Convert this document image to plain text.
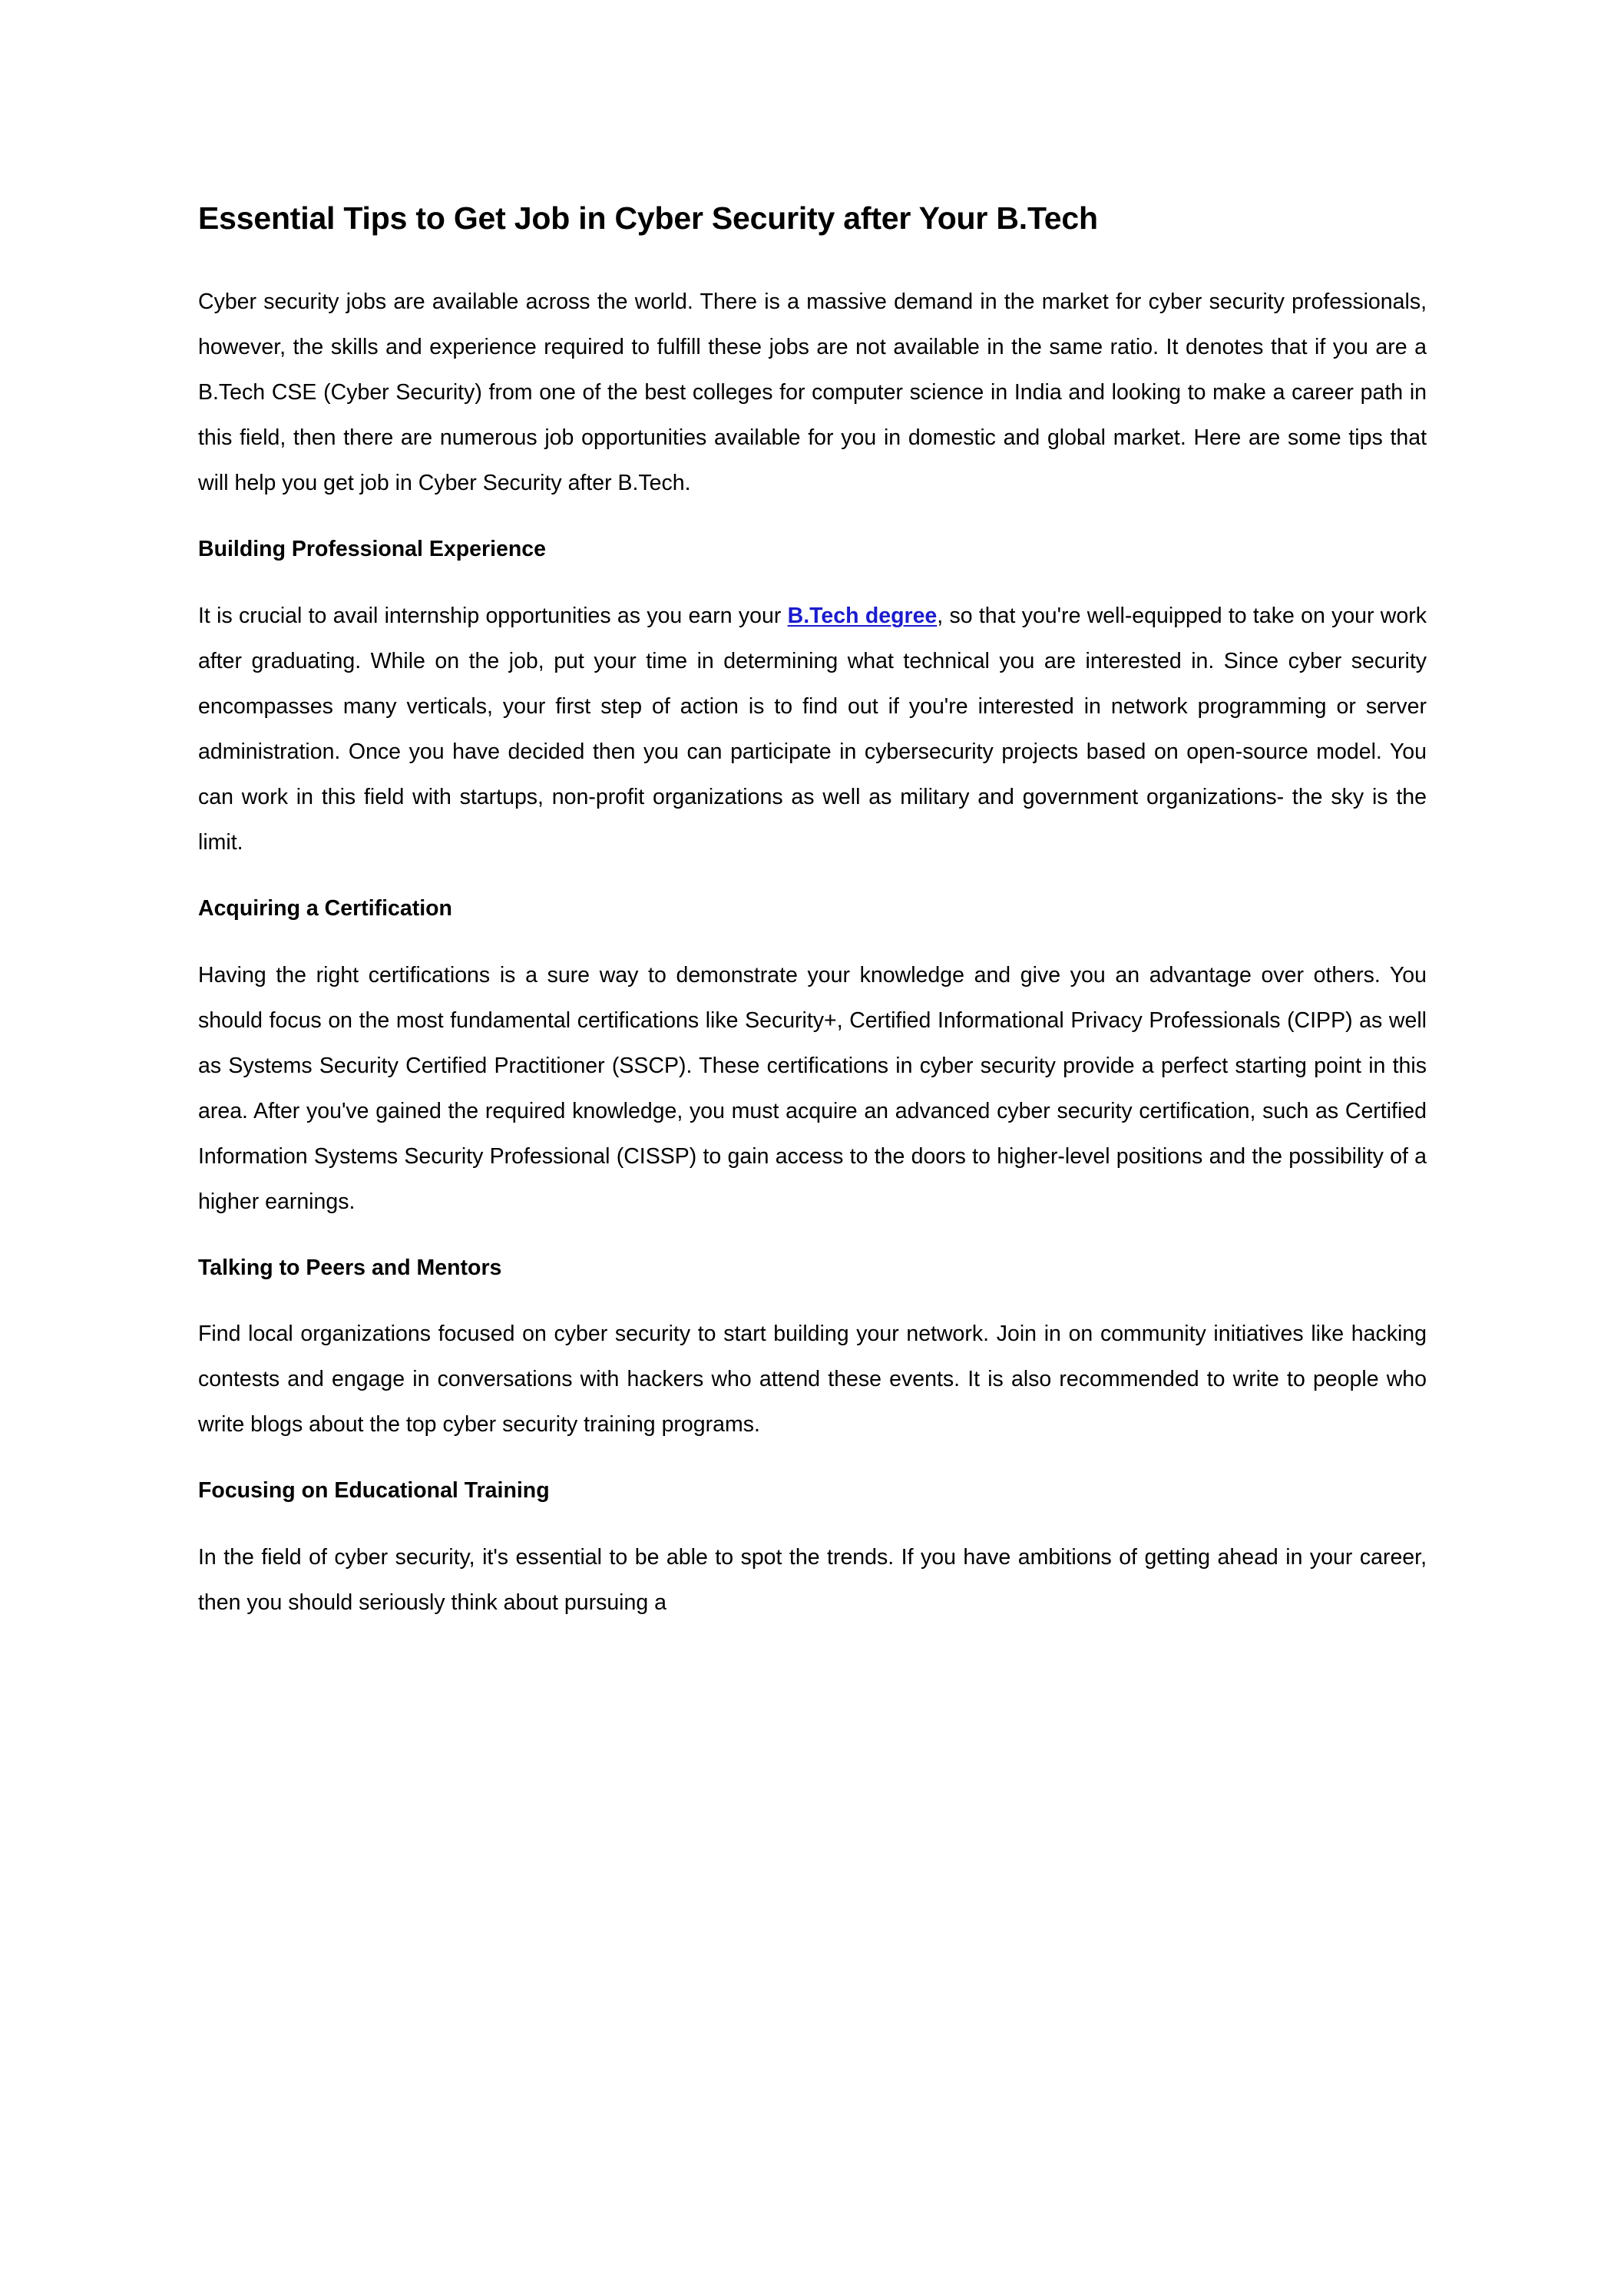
Essential Tips to Get Job in Cyber Security after Your B.Tech

Cyber security jobs are available across the world. There is a massive demand in the market for cyber security professionals, however, the skills and experience required to fulfill these jobs are not available in the same ratio. It denotes that if you are a B.Tech CSE (Cyber Security) from one of the best colleges for computer science in India and looking to make a career path in this field, then there are numerous job opportunities available for you in domestic and global market. Here are some tips that will help you get job in Cyber Security after B.Tech.

Building Professional Experience

It is crucial to avail internship opportunities as you earn your B.Tech degree, so that you're well-equipped to take on your work after graduating. While on the job, put your time in determining what technical you are interested in. Since cyber security encompasses many verticals, your first step of action is to find out if you're interested in network programming or server administration. Once you have decided then you can participate in cybersecurity projects based on open-source model. You can work in this field with startups, non-profit organizations as well as military and government organizations- the sky is the limit.

Acquiring a Certification

Having the right certifications is a sure way to demonstrate your knowledge and give you an advantage over others. You should focus on the most fundamental certifications like Security+, Certified Informational Privacy Professionals (CIPP) as well as Systems Security Certified Practitioner (SSCP). These certifications in cyber security provide a perfect starting point in this area. After you've gained the required knowledge, you must acquire an advanced cyber security certification, such as Certified Information Systems Security Professional (CISSP) to gain access to the doors to higher-level positions and the possibility of a higher earnings.

Talking to Peers and Mentors

Find local organizations focused on cyber security to start building your network. Join in on community initiatives like hacking contests and engage in conversations with hackers who attend these events. It is also recommended to write to people who write blogs about the top cyber security training programs.

Focusing on Educational Training

In the field of cyber security, it's essential to be able to spot the trends. If you have ambitions of getting ahead in your career, then you should seriously think about pursuing a
